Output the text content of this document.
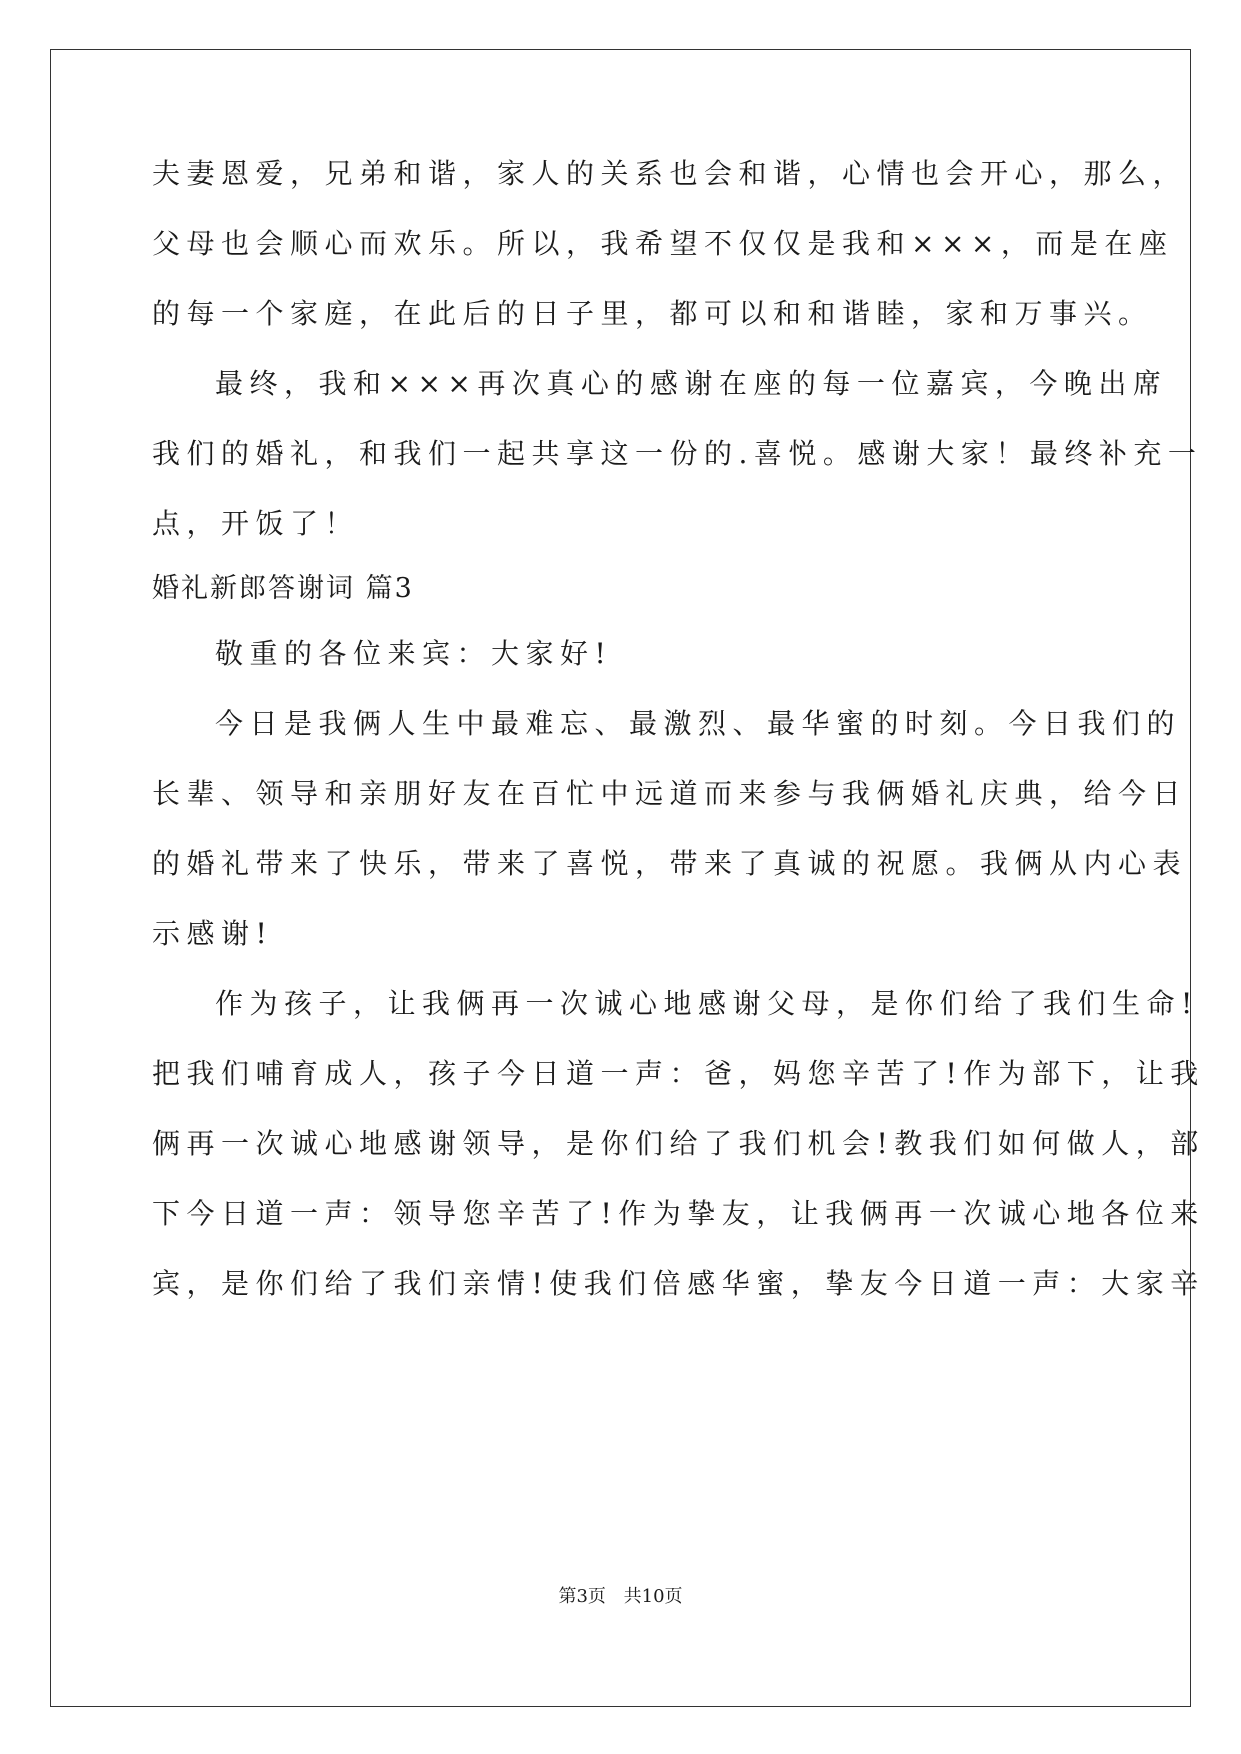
夫妻恩爱，兄弟和谐，家人的关系也会和谐，心情也会开心，那么，
父母也会顺心而欢乐。所以，我希望不仅仅是我和×××，而是在座
的每一个家庭，在此后的日子里，都可以和和谐睦，家和万事兴。
最终，我和×××再次真心的感谢在座的每一位嘉宾，今晚出席
我们的婚礼，和我们一起共享这一份的.喜悦。感谢大家！最终补充一
点，开饭了！
婚礼新郎答谢词 篇3
敬重的各位来宾：大家好!
今日是我俩人生中最难忘、最激烈、最华蜜的时刻。今日我们的
长辈、领导和亲朋好友在百忙中远道而来参与我俩婚礼庆典，给今日
的婚礼带来了快乐，带来了喜悦，带来了真诚的祝愿。我俩从内心表
示感谢!
作为孩子，让我俩再一次诚心地感谢父母，是你们给了我们生命!
把我们哺育成人，孩子今日道一声：爸，妈您辛苦了!作为部下，让我
俩再一次诚心地感谢领导，是你们给了我们机会!教我们如何做人，部
下今日道一声：领导您辛苦了!作为挚友，让我俩再一次诚心地各位来
宾，是你们给了我们亲情!使我们倍感华蜜，挚友今日道一声：大家辛
第3页 共10页
